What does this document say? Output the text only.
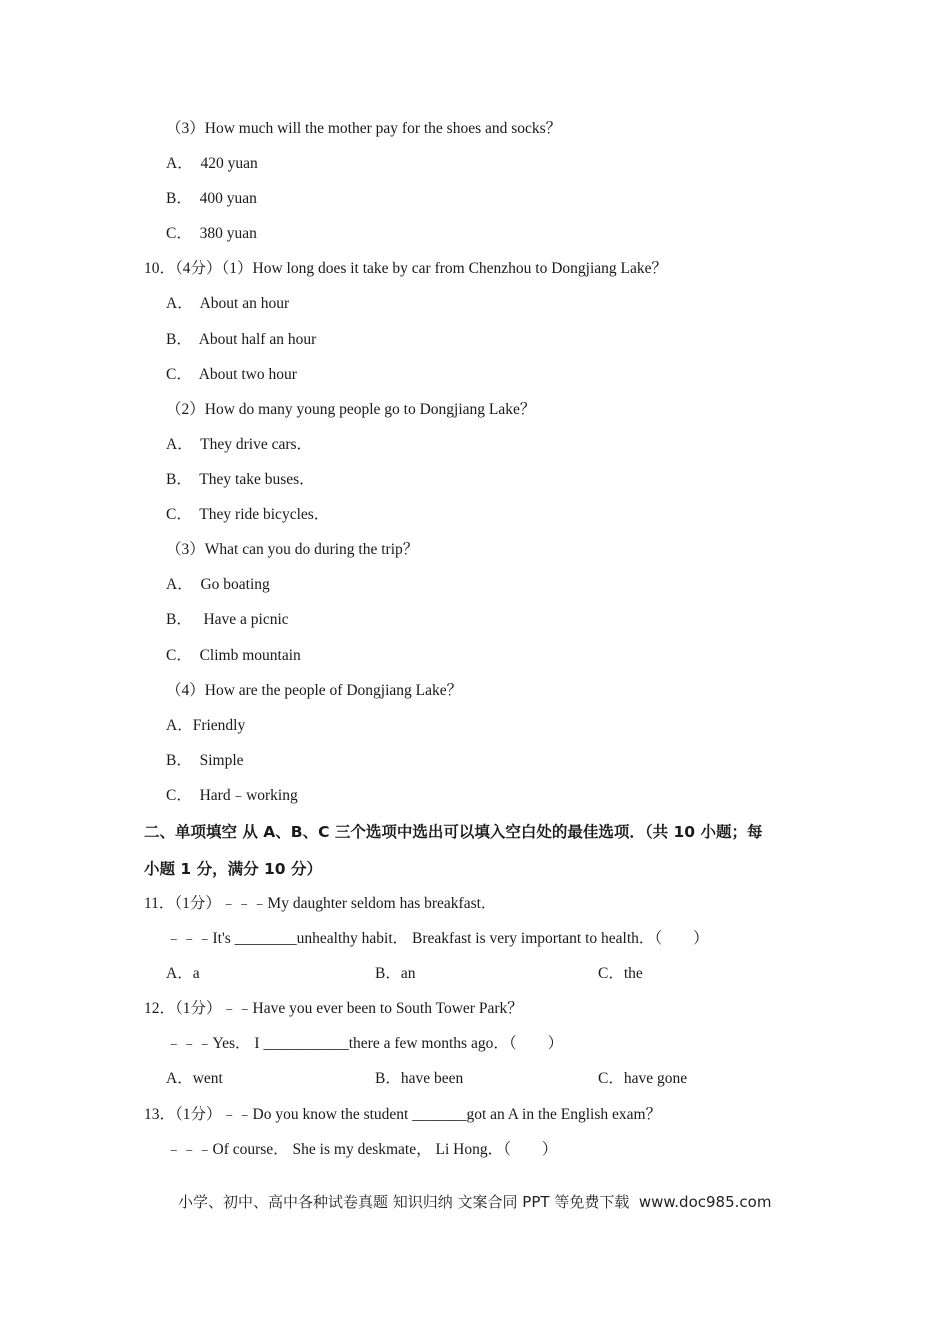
（3）How much will the mother pay for the shoes and socks？
A．  420 yuan
B．  400 yuan
C．  380 yuan
10．（4分）（1）How long does it take by car from Chenzhou to Dongjiang Lake？
A．  About an hour
B．  About half an hour
C．  About two hour
（2）How do many young people go to Dongjiang Lake？
A．  They drive cars．
B．  They take buses．
C．  They ride bicycles．
（3）What can you do during the trip？
A．  Go boating
B．   Have a picnic
C．  Climb mountain
（4）How are the people of Dongjiang Lake？
A．Friendly
B．  Simple
C．  Hard﹣working
二、单项填空 从 A、B、C 三个选项中选出可以填入空白处的最佳选项．（共 10 小题；每
小题 1 分，满分 10 分）
11．（1分）﹣﹣﹣My daughter seldom has breakfast．
﹣﹣﹣It's ________unhealthy habit． Breakfast is very important to health．（　　）
A．a	B．an	C．the
12．（1分）﹣﹣Have you ever been to South Tower Park？
﹣﹣﹣Yes． I ___________there a few months ago．（　　）
A．went	B．have been	C．have gone
13．（1分）﹣﹣Do you know the student _______got an A in the English exam？
﹣﹣﹣Of course． She is my deskmate， Li Hong．（　　）
小学、初中、高中各种试卷真题 知识归纳 文案合同 PPT 等免费下载  www.doc985.com
